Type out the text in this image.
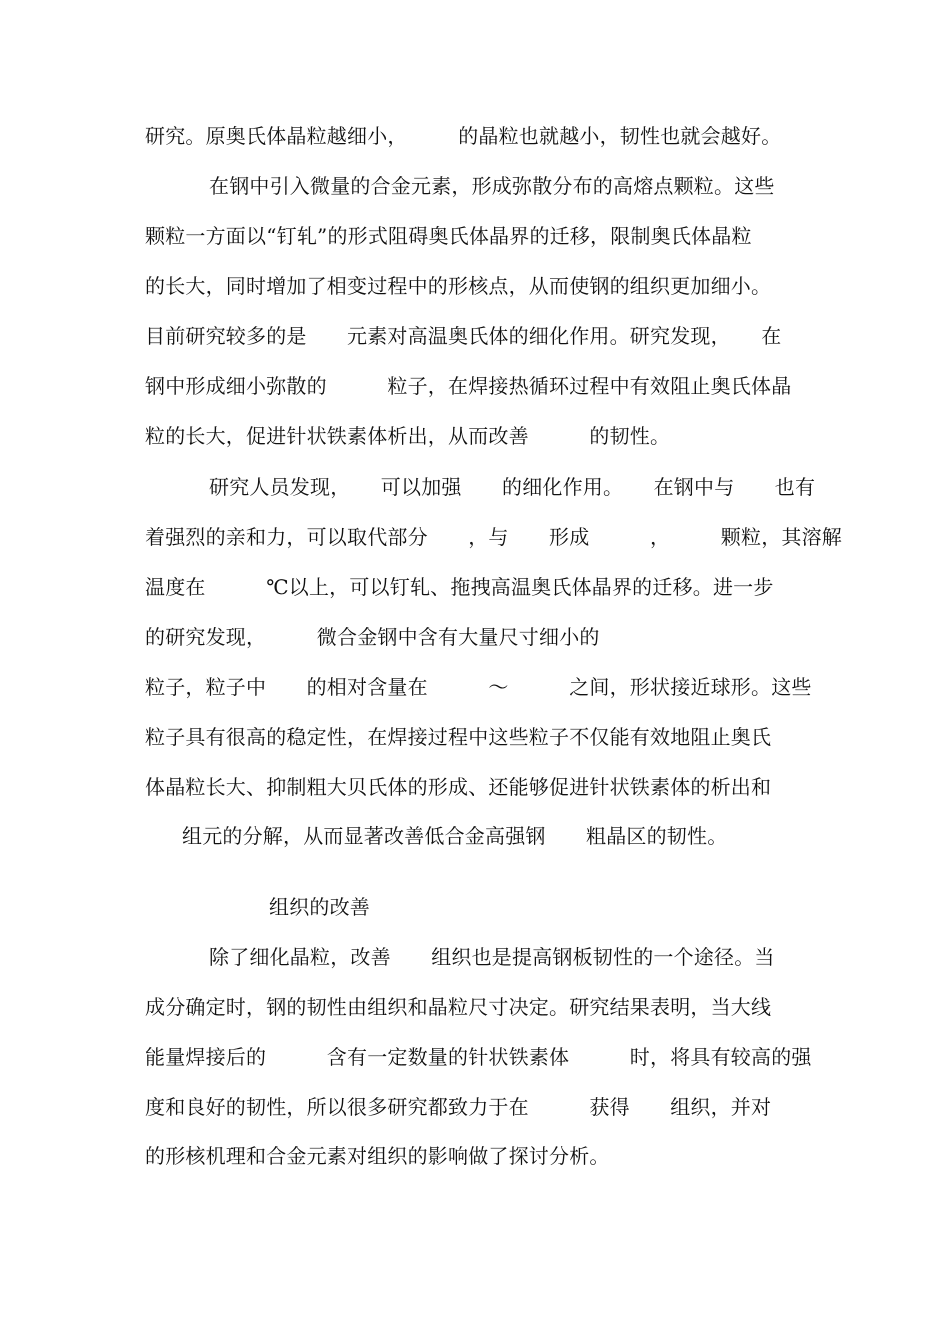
研究。原奥氏体晶粒越细小，　　　的晶粒也就越小，韧性也就会越好。
在钢中引入微量的合金元素，形成弥散分布的高熔点颗粒。这些
颗粒一方面以“钉轧”的形式阻碍奥氏体晶界的迁移，限制奥氏体晶粒
的长大，同时增加了相变过程中的形核点，从而使钢的组织更加细小。
目前研究较多的是　　元素对高温奥氏体的细化作用。研究发现，　　在
钢中形成细小弥散的　　　粒子，在焊接热循环过程中有效阻止奥氏体晶
粒的长大，促进针状铁素体析出，从而改善　　　的韧性。
研究人员发现，　　可以加强　　的细化作用。　　在钢中与　　也有
着强烈的亲和力，可以取代部分　　，与　　形成　　　，　　　颗粒，其溶解
温度在　　　℃以上，可以钉轧、拖拽高温奥氏体晶界的迁移。进一步
的研究发现，　　　微合金钢中含有大量尺寸细小的
粒子，粒子中　　的相对含量在　　　～　　　之间，形状接近球形。这些
粒子具有很高的稳定性，在焊接过程中这些粒子不仅能有效地阻止奥氏
体晶粒长大、抑制粗大贝氏体的形成、还能够促进针状铁素体的析出和
组元的分解，从而显著改善低合金高强钢　　粗晶区的韧性。
组织的改善
除了细化晶粒，改善　　组织也是提高钢板韧性的一个途径。当
成分确定时，钢的韧性由组织和晶粒尺寸决定。研究结果表明，当大线
能量焊接后的　　　含有一定数量的针状铁素体　　　时，将具有较高的强
度和良好的韧性，所以很多研究都致力于在　　　获得　　组织，并对
的形核机理和合金元素对组织的影响做了探讨分析。
